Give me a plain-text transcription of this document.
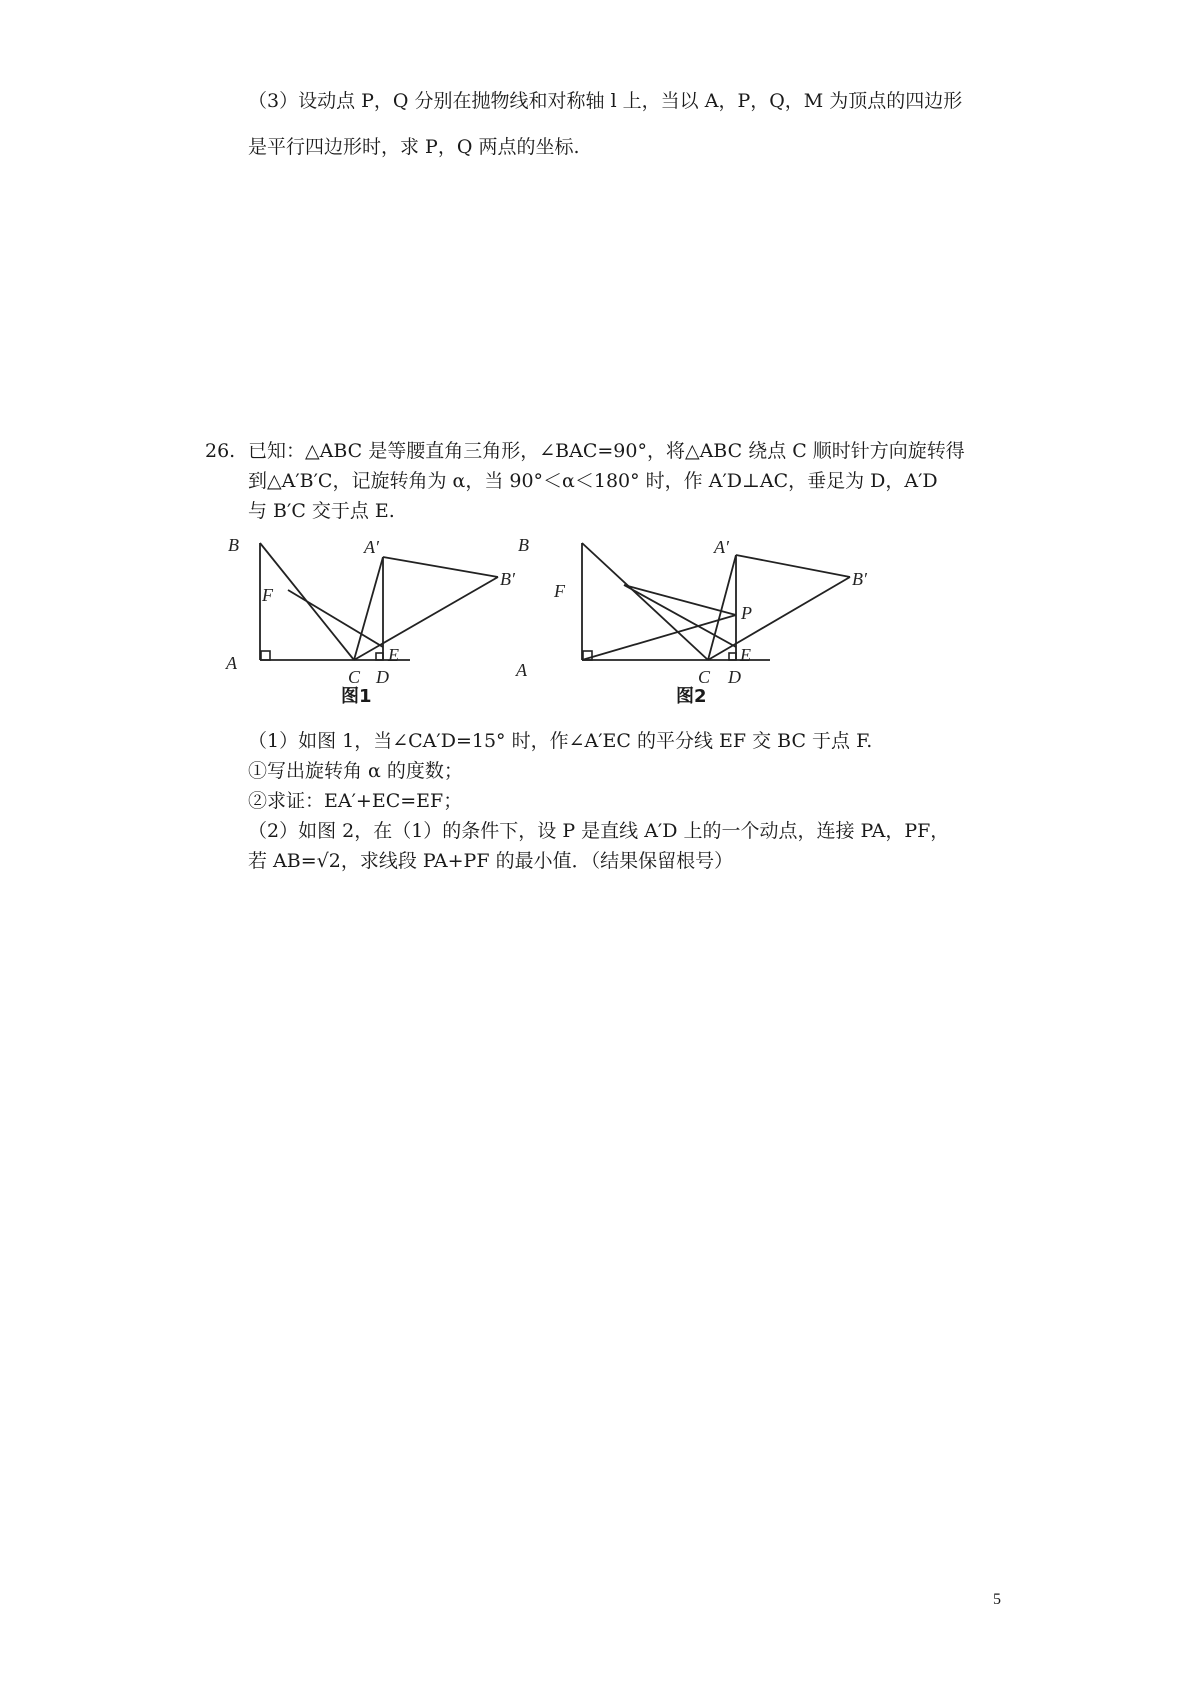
（3）设动点 P，Q 分别在抛物线和对称轴 l 上，当以 A，P，Q，M 为顶点的四边形
是平行四边形时，求 P，Q 两点的坐标.
26. 已知：△ABC 是等腰直角三角形，∠BAC=90°，将△ABC 绕点 C 顺时针方向旋转得
到△A′B′C，记旋转角为 α，当 90°＜α＜180° 时，作 A′D⊥AC，垂足为 D，A′D
与 B′C 交于点 E.
B
A
F
C D
E
A′
B′
图1
B
A
F
P
C D
E
A′
B′
图2
（1）如图 1，当∠CA′D=15° 时，作∠A′EC 的平分线 EF 交 BC 于点 F.
①写出旋转角 α 的度数；
②求证：EA′+EC=EF；
（2）如图 2，在（1）的条件下，设 P 是直线 A′D 上的一个动点，连接 PA，PF，
若 AB=√2，求线段 PA+PF 的最小值．（结果保留根号）
5
